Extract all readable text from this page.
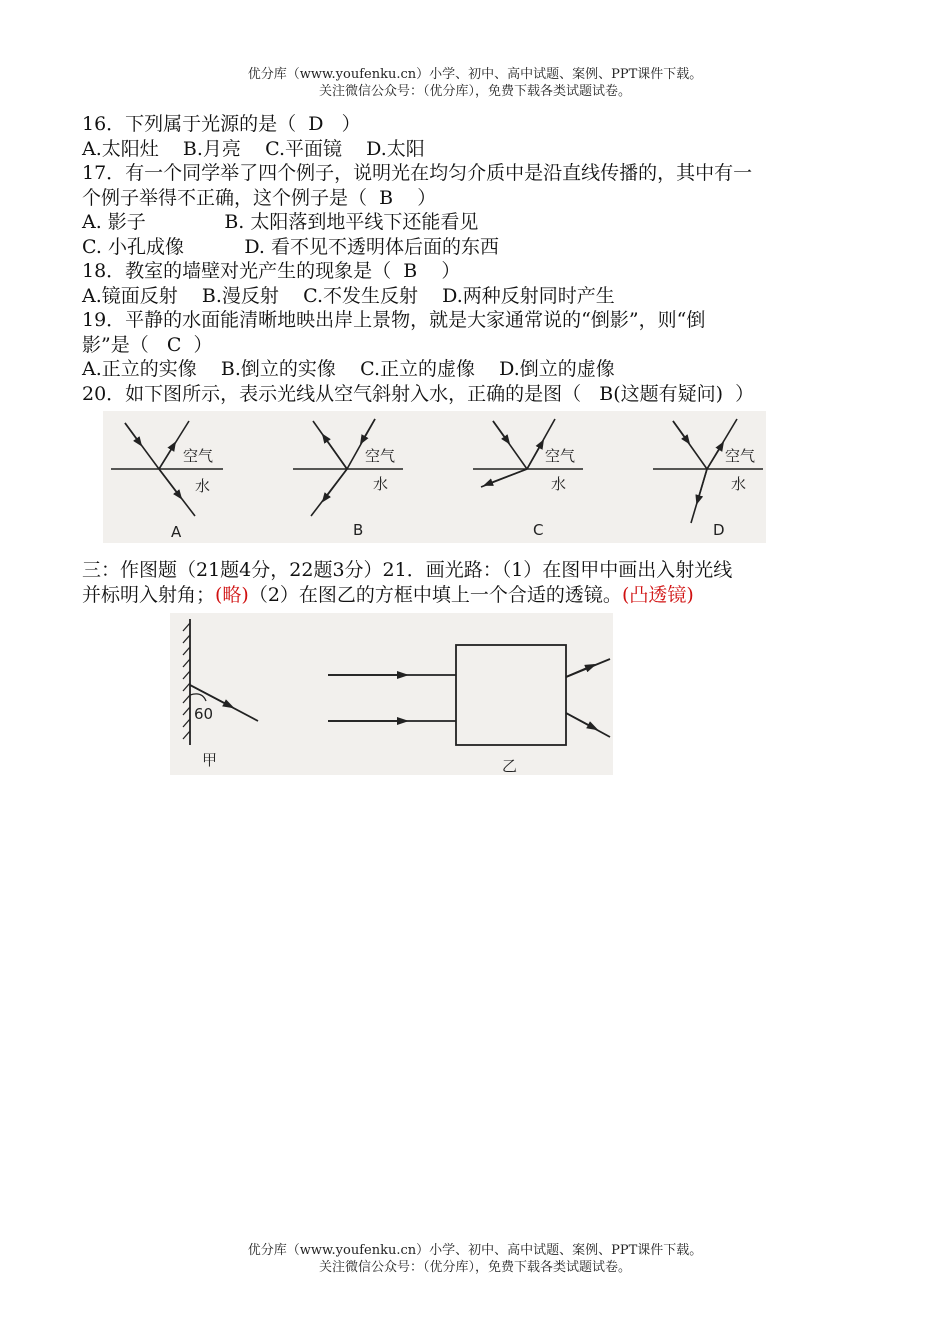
优分库（www.youfenku.cn）小学、初中、高中试题、案例、PPT课件下载。
关注微信公众号：（优分库），免费下载各类试题试卷。
16．下列属于光源的是（  D   ）
A.太阳灶    B.月亮    C.平面镜    D.太阳
17．有一个同学举了四个例子，说明光在均匀介质中是沿直线传播的，其中有一
个例子举得不正确，这个例子是（  B    ）
A. 影子             B. 太阳落到地平线下还能看见
C. 小孔成像          D. 看不见不透明体后面的东西
18．教室的墙壁对光产生的现象是（  B    ）
A.镜面反射    B.漫反射    C.不发生反射    D.两种反射同时产生
19．平静的水面能清晰地映出岸上景物，就是大家通常说的“倒影”，则“倒
影”是（   C  ）
A.正立的实像    B.倒立的实像    C.正立的虚像    D.倒立的虚像
20．如下图所示，表示光线从空气斜射入水，正确的是图（   B(这题有疑问)  ）
三：作图题（21题4分，22题3分）21．画光路：（1）在图甲中画出入射光线
并标明入射角；(略)（2）在图乙的方框中填上一个合适的透镜。(凸透镜)
空气
水
空气
水
空气
水
空气
水
A	B	C	D
60
甲	乙
优分库（www.youfenku.cn）小学、初中、高中试题、案例、PPT课件下载。
关注微信公众号：（优分库），免费下载各类试题试卷。
